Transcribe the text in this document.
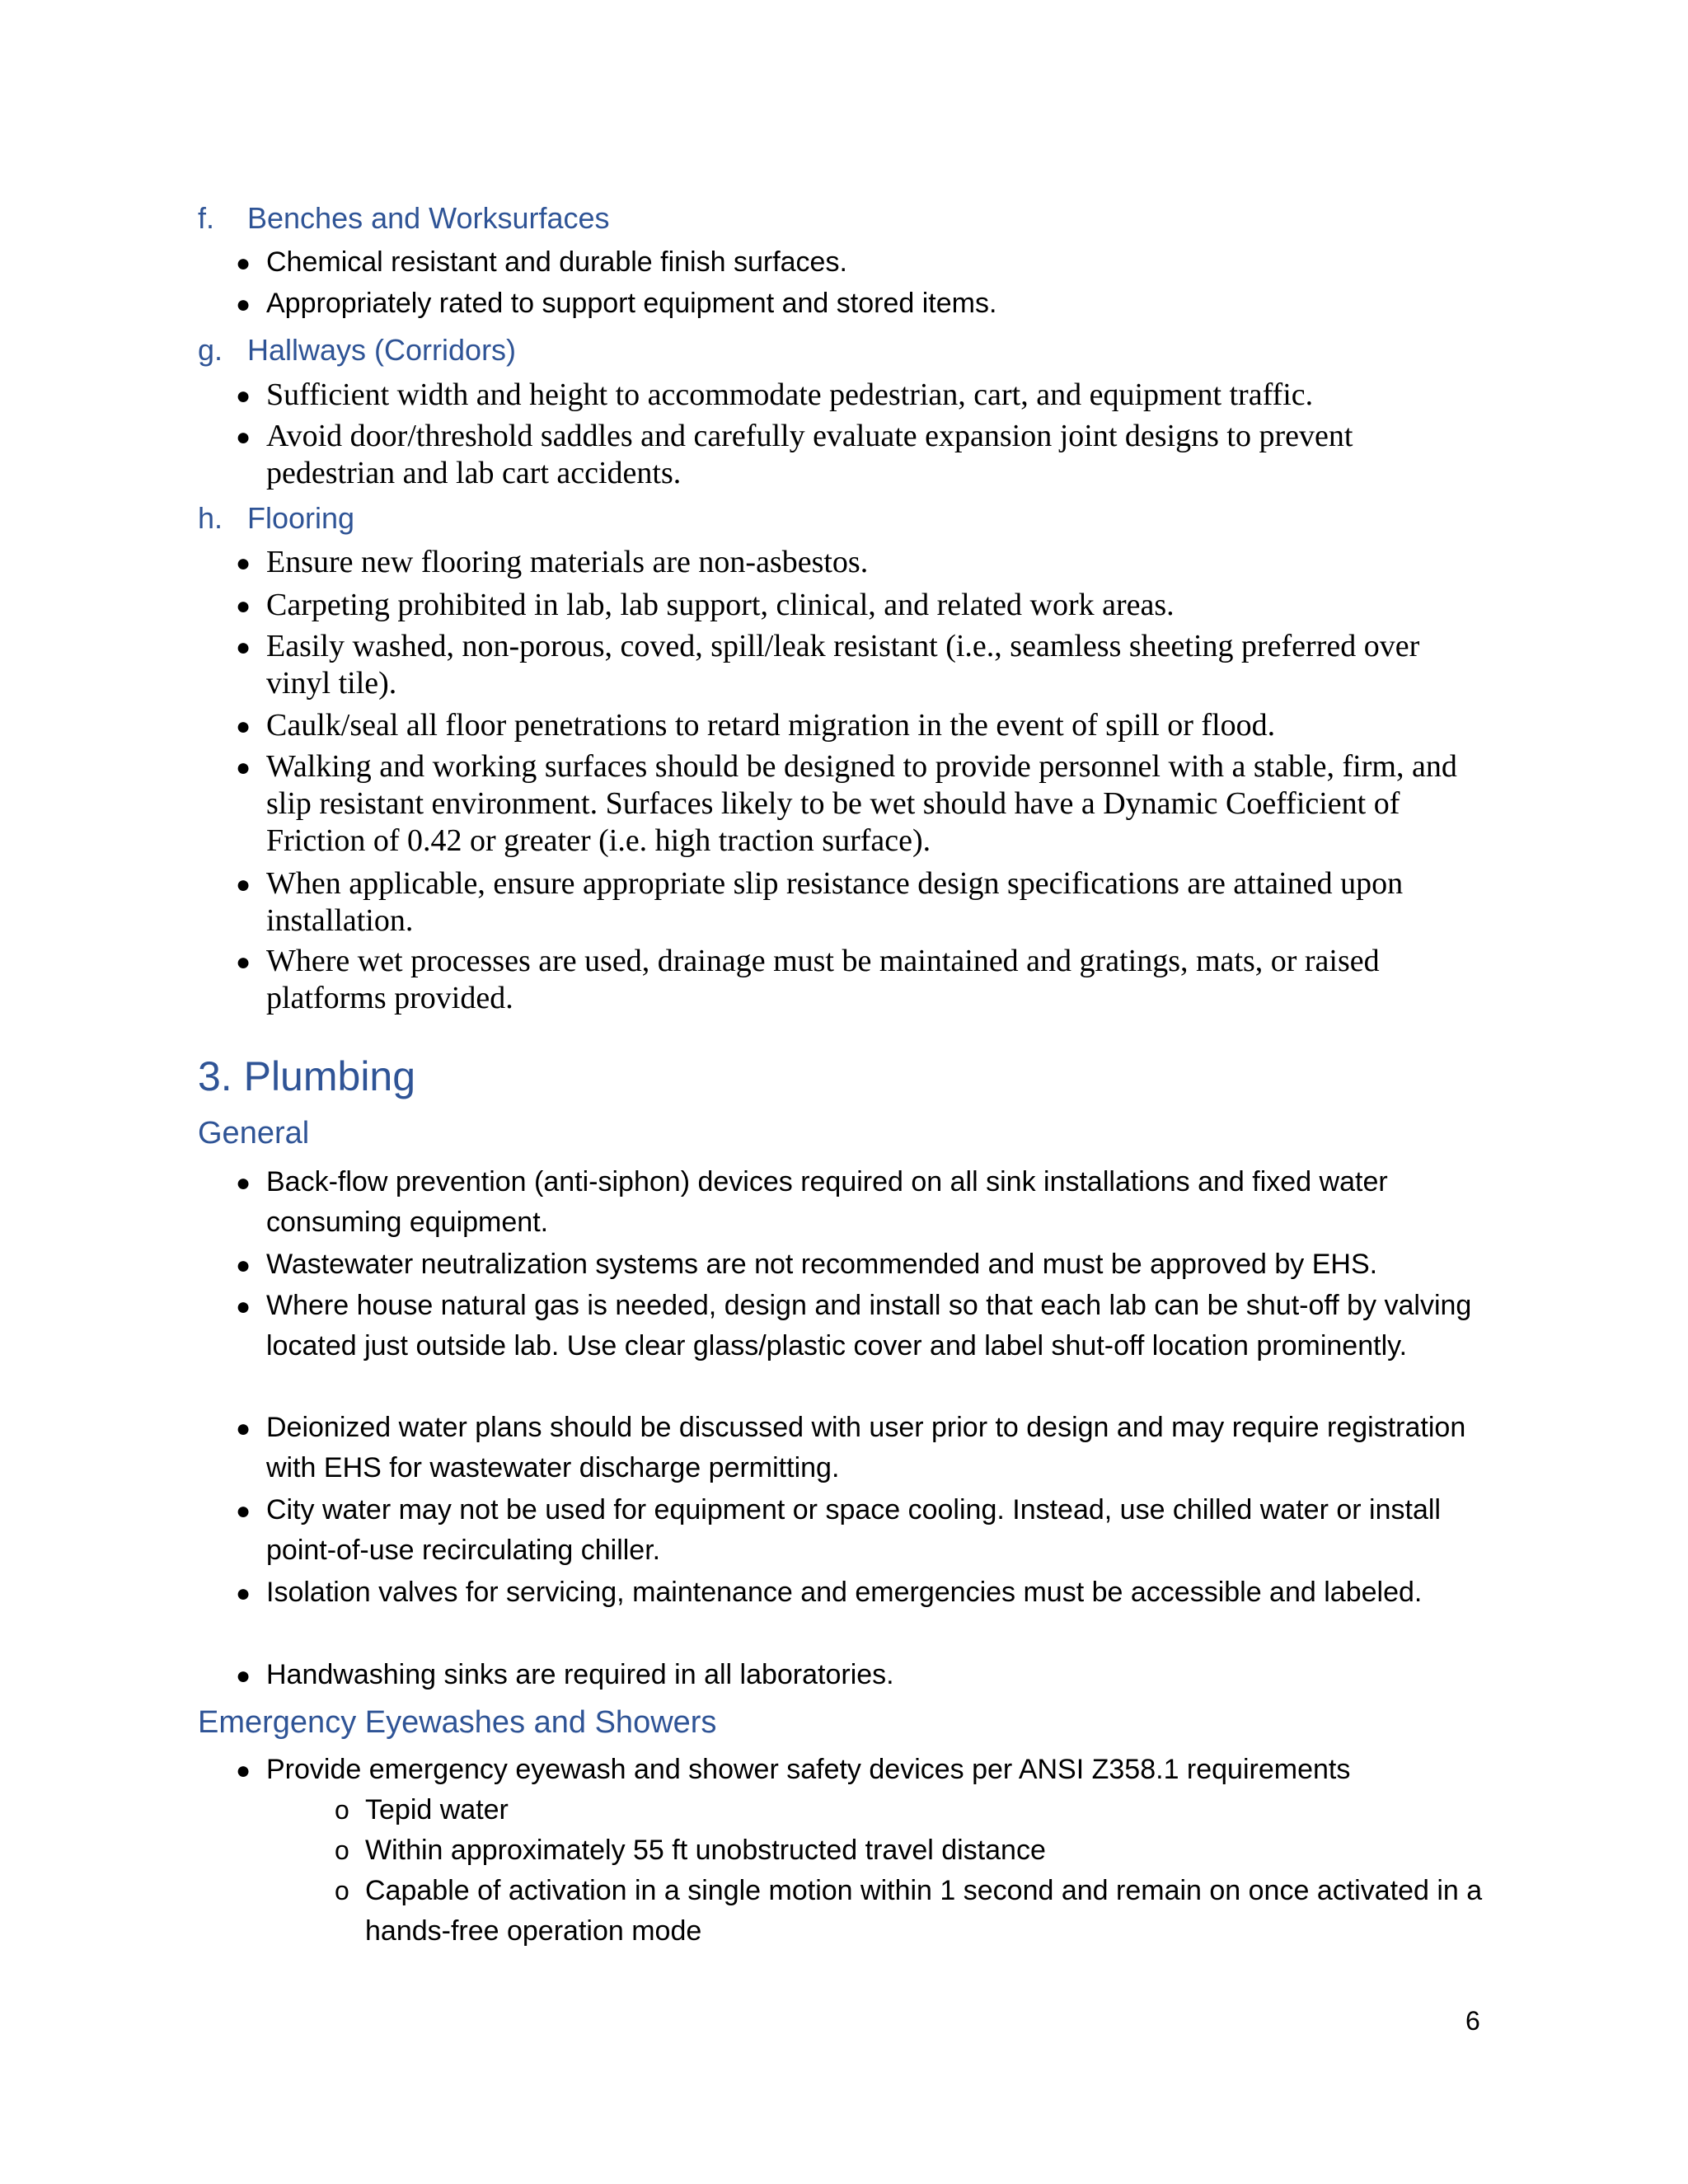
f. Benches and Worksurfaces
● Chemical resistant and durable finish surfaces.
● Appropriately rated to support equipment and stored items.
g. Hallways (Corridors)
● Sufficient width and height to accommodate pedestrian, cart, and equipment traffic.
● Avoid door/threshold saddles and carefully evaluate expansion joint designs to prevent pedestrian and lab cart accidents.
h. Flooring
● Ensure new flooring materials are non-asbestos.
● Carpeting prohibited in lab, lab support, clinical, and related work areas.
● Easily washed, non-porous, coved, spill/leak resistant (i.e., seamless sheeting preferred over vinyl tile).
● Caulk/seal all floor penetrations to retard migration in the event of spill or flood.
● Walking and working surfaces should be designed to provide personnel with a stable, firm, and slip resistant environment. Surfaces likely to be wet should have a Dynamic Coefficient of Friction of 0.42 or greater (i.e. high traction surface).
● When applicable, ensure appropriate slip resistance design specifications are attained upon installation.
● Where wet processes are used, drainage must be maintained and gratings, mats, or raised platforms provided.
3. Plumbing
General
● Back-flow prevention (anti-siphon) devices required on all sink installations and fixed water consuming equipment.
● Wastewater neutralization systems are not recommended and must be approved by EHS.
● Where house natural gas is needed, design and install so that each lab can be shut-off by valving located just outside lab. Use clear glass/plastic cover and label shut-off location prominently.
● Deionized water plans should be discussed with user prior to design and may require registration with EHS for wastewater discharge permitting.
● City water may not be used for equipment or space cooling. Instead, use chilled water or install point-of-use recirculating chiller.
● Isolation valves for servicing, maintenance and emergencies must be accessible and labeled.
● Handwashing sinks are required in all laboratories.
Emergency Eyewashes and Showers
● Provide emergency eyewash and shower safety devices per ANSI Z358.1 requirements
o Tepid water
o Within approximately 55 ft unobstructed travel distance
o Capable of activation in a single motion within 1 second and remain on once activated in a hands-free operation mode
6
